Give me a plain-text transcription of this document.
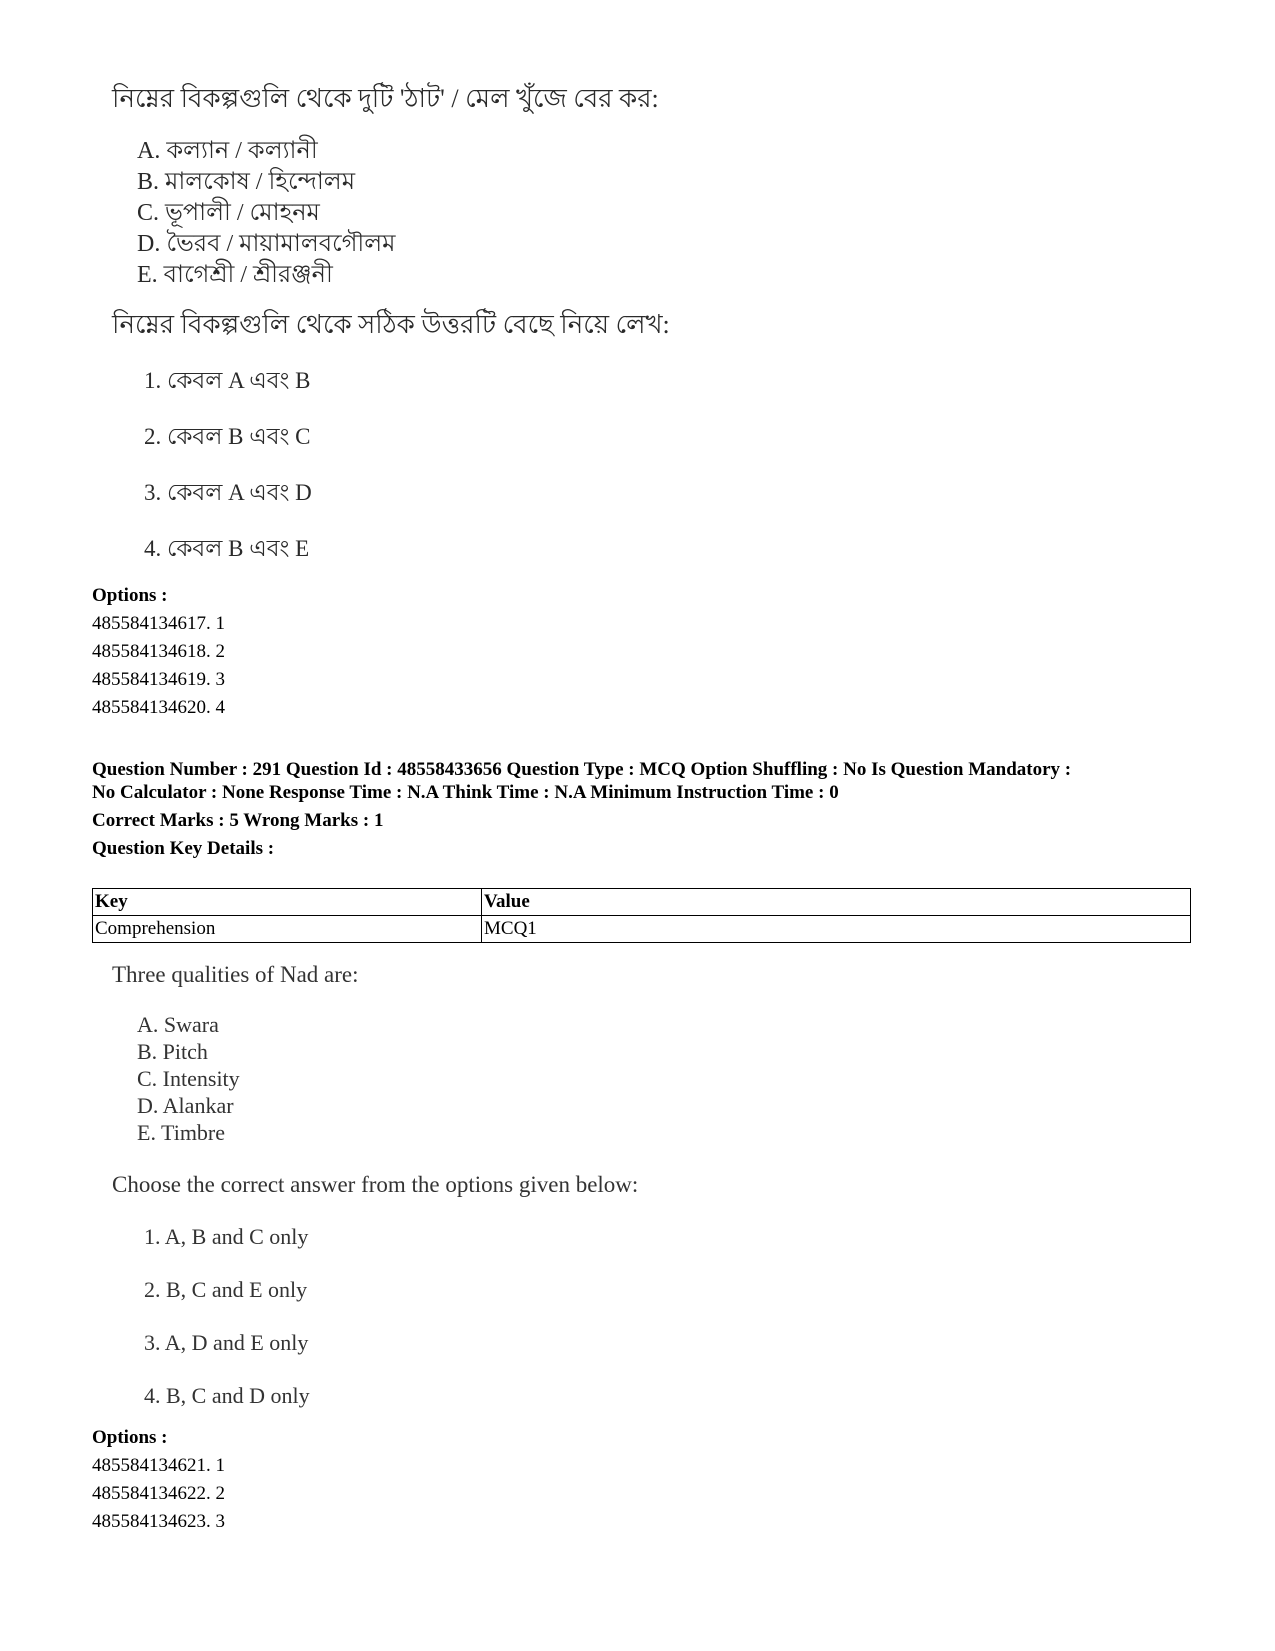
নিম্নের বিকল্পগুলি থেকে দুটি 'ঠাট' / মেল খুঁজে বের কর:
A. কল্যান / কল্যানী
B. মালকোষ / হিন্দোলম
C. ভূপালী / মোহনম
D. ভৈরব / মায়ামালবগৌলম
E. বাগেশ্রী / শ্রীরঞ্জনী
নিম্নের বিকল্পগুলি থেকে সঠিক উত্তরটি বেছে নিয়ে লেখ:
1. কেবল A এবং B
2. কেবল B এবং C
3. কেবল A এবং D
4. কেবল B এবং E
Options :
485584134617. 1
485584134618. 2
485584134619. 3
485584134620. 4
Question Number : 291 Question Id : 48558433656 Question Type : MCQ Option Shuffling : No Is Question Mandatory :
No Calculator : None Response Time : N.A Think Time : N.A Minimum Instruction Time : 0
Correct Marks : 5 Wrong Marks : 1
Question Key Details :
Key	Value
Comprehension	MCQ1
Three qualities of Nad are:
A. Swara
B. Pitch
C. Intensity
D. Alankar
E. Timbre
Choose the correct answer from the options given below:
1. A, B and C only
2. B, C and E only
3. A, D and E only
4. B, C and D only
Options :
485584134621. 1
485584134622. 2
485584134623. 3
